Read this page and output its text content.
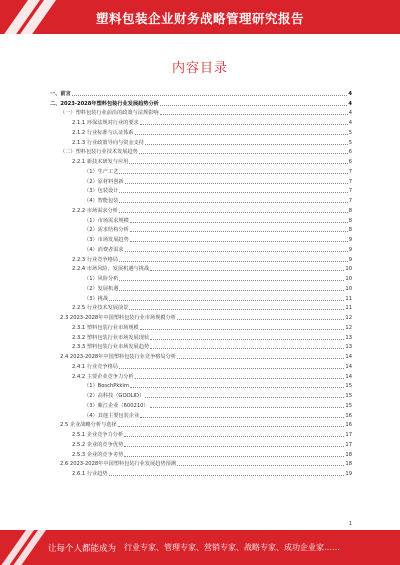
塑料包装企业财务战略管理研究报告
内容目录
一、前言	4
二、2023-2028年塑料包装行业发展趋势分析	4
（一）塑料包装行业前沿的政策与法规影响	4
2.1.1 环保法规对行业的要求	4
2.1.2 行业标准与认证体系	5
2.1.3 行业政策导向与资金支持	5
（二）塑料包装行业技术发展趋势	6
2.2.1 新技术研发与应用	6
（1）生产工艺	7
（2）原材料创新	7
（3）包装设计	7
（4）智能包装	7
2.2.2 市场需求分析	8
（1）市场需求规模	8
（2）需求结构分析	8
（3）市场发展趋势	9
（4）消费者需求	9
2.2.3 行业竞争格局	9
2.2.4 市场风险、发展机遇与挑战	10
（1）风险分析	10
（2）发展机遇	10
（3）挑战	11
2.2.5 行业技术发展前景	11
2.3 2023-2028年中国塑料包装行业市场规模分析	12
2.3.1 塑料包装行业市场规模	12
2.3.2 塑料包装行业市场发展现状	13
2.3.3 塑料包装行业市场发展趋势	13
2.4 2023-2028年中国塑料包装行业竞争格局分析	14
2.4.1 行业竞争格局	14
2.4.2 主要企业竞争力分析	14
（1）BoschPkklm	15
（2）高科技（GOOLID）	15
（3）紫江企业（600210）	15
（4）其他主要包装企业	16
2.5 企业战略分析与选择	16
2.5.1 企业竞争力分析	17
2.5.2 企业的竞争优势	17
2.5.3 企业的竞争劣势	18
2.6 2023-2028年中国塑料包装行业发展趋势预测	18
2.6.1 行业趋势	19
1
让每个人都能成为 行业专家、管理专家、营销专家、战略专家、成功企业家……
